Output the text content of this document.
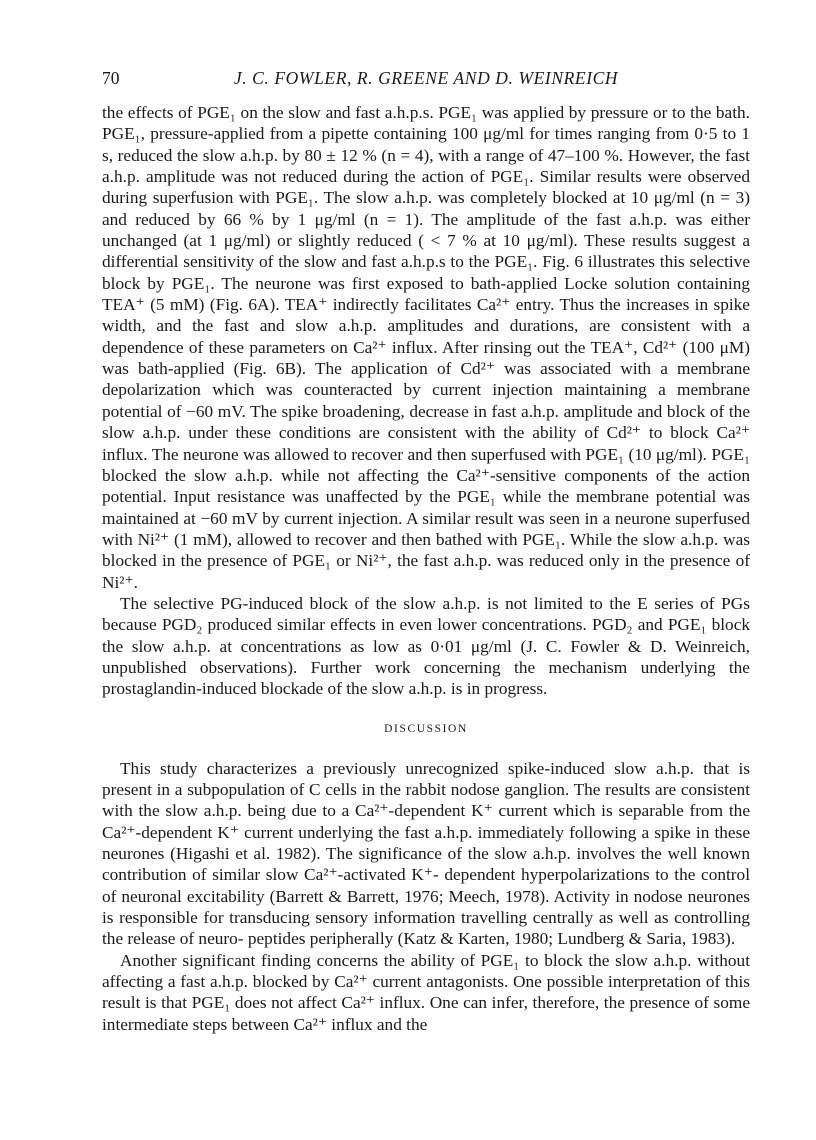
70	J. C. FOWLER, R. GREENE AND D. WEINREICH

the effects of PGE₁ on the slow and fast a.h.p.s. PGE₁ was applied by pressure or to the bath. PGE₁, pressure-applied from a pipette containing 100 μg/ml for times ranging from 0·5 to 1 s, reduced the slow a.h.p. by 80 ± 12 % (n = 4), with a range of 47–100 %. However, the fast a.h.p. amplitude was not reduced during the action of PGE₁. Similar results were observed during superfusion with PGE₁. The slow a.h.p. was completely blocked at 10 μg/ml (n = 3) and reduced by 66 % by 1 μg/ml (n = 1). The amplitude of the fast a.h.p. was either unchanged (at 1 μg/ml) or slightly reduced ( < 7 % at 10 μg/ml). These results suggest a differential sensitivity of the slow and fast a.h.p.s to the PGE₁. Fig. 6 illustrates this selective block by PGE₁. The neurone was first exposed to bath-applied Locke solution containing TEA⁺ (5 mM) (Fig. 6A). TEA⁺ indirectly facilitates Ca²⁺ entry. Thus the increases in spike width, and the fast and slow a.h.p. amplitudes and durations, are consistent with a dependence of these parameters on Ca²⁺ influx. After rinsing out the TEA⁺, Cd²⁺ (100 μM) was bath-applied (Fig. 6B). The application of Cd²⁺ was associated with a membrane depolarization which was counteracted by current injection maintaining a membrane potential of −60 mV. The spike broadening, decrease in fast a.h.p. amplitude and block of the slow a.h.p. under these conditions are consistent with the ability of Cd²⁺ to block Ca²⁺ influx. The neurone was allowed to recover and then superfused with PGE₁ (10 μg/ml). PGE₁ blocked the slow a.h.p. while not affecting the Ca²⁺-sensitive components of the action potential. Input resistance was unaffected by the PGE₁ while the membrane potential was maintained at −60 mV by current injection. A similar result was seen in a neurone superfused with Ni²⁺ (1 mM), allowed to recover and then bathed with PGE₁. While the slow a.h.p. was blocked in the presence of PGE₁ or Ni²⁺, the fast a.h.p. was reduced only in the presence of Ni²⁺.

The selective PG-induced block of the slow a.h.p. is not limited to the E series of PGs because PGD₂ produced similar effects in even lower concentrations. PGD₂ and PGE₁ block the slow a.h.p. at concentrations as low as 0·01 μg/ml (J. C. Fowler & D. Weinreich, unpublished observations). Further work concerning the mechanism underlying the prostaglandin-induced blockade of the slow a.h.p. is in progress.

DISCUSSION

This study characterizes a previously unrecognized spike-induced slow a.h.p. that is present in a subpopulation of C cells in the rabbit nodose ganglion. The results are consistent with the slow a.h.p. being due to a Ca²⁺-dependent K⁺ current which is separable from the Ca²⁺-dependent K⁺ current underlying the fast a.h.p. immediately following a spike in these neurones (Higashi et al. 1982). The significance of the slow a.h.p. involves the well known contribution of similar slow Ca²⁺-activated K⁺- dependent hyperpolarizations to the control of neuronal excitability (Barrett & Barrett, 1976; Meech, 1978). Activity in nodose neurones is responsible for transducing sensory information travelling centrally as well as controlling the release of neuro- peptides peripherally (Katz & Karten, 1980; Lundberg & Saria, 1983).

Another significant finding concerns the ability of PGE₁ to block the slow a.h.p. without affecting a fast a.h.p. blocked by Ca²⁺ current antagonists. One possible interpretation of this result is that PGE₁ does not affect Ca²⁺ influx. One can infer, therefore, the presence of some intermediate steps between Ca²⁺ influx and the
